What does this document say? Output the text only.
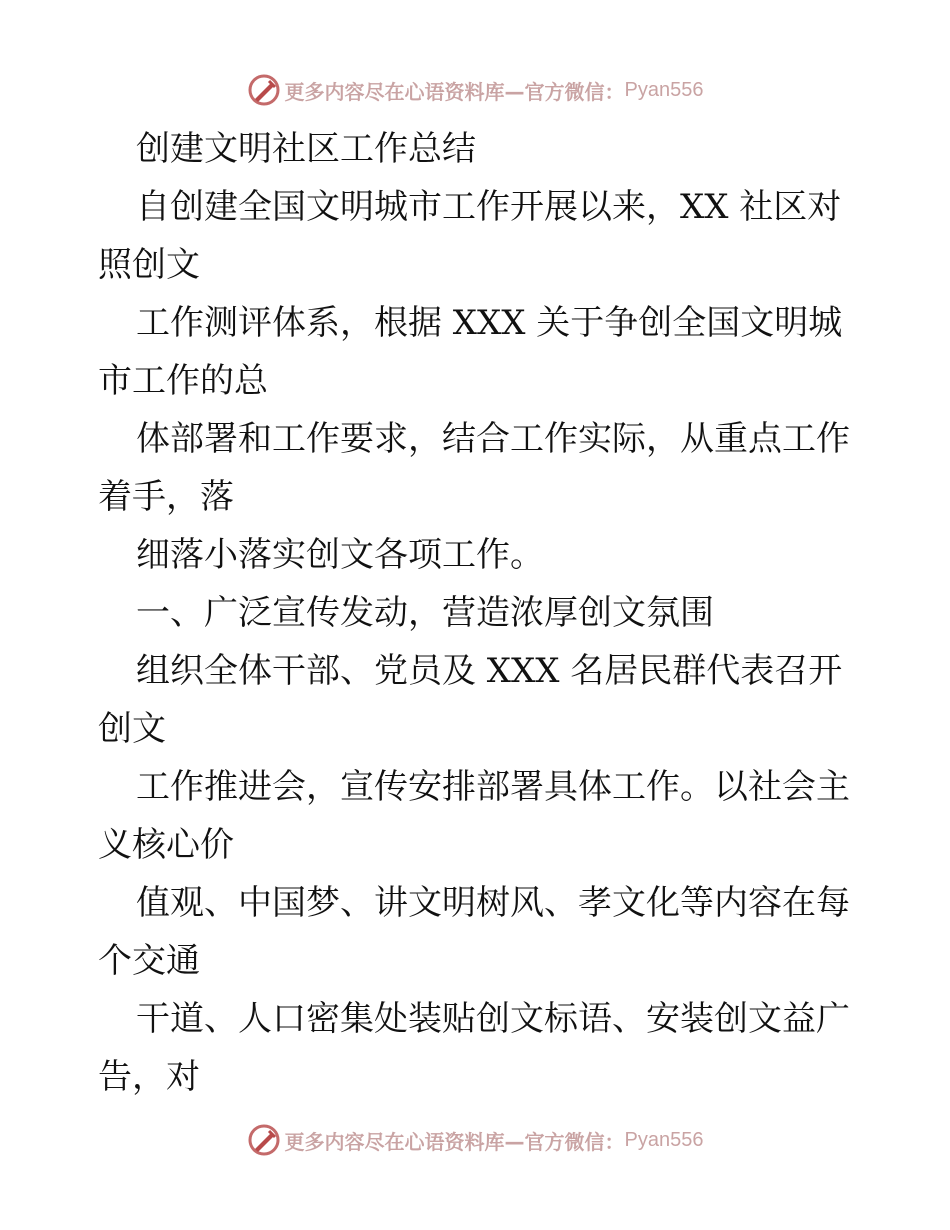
更多内容尽在心语资料库—官方微信： Pyan556

创建文明社区工作总结

自创建全国文明城市工作开展以来，XX 社区对

照创文

工作测评体系，根据 XXX 关于争创全国文明城

市工作的总

体部署和工作要求，结合工作实际，从重点工作

着手，落

细落小落实创文各项工作。

一、广泛宣传发动，营造浓厚创文氛围

组织全体干部、党员及 XXX 名居民群代表召开

创文

工作推进会，宣传安排部署具体工作。以社会主

义核心价

值观、中国梦、讲文明树风、孝文化等内容在每

个交通

干道、人口密集处装贴创文标语、安装创文益广

告，对

更多内容尽在心语资料库—官方微信： Pyan556
